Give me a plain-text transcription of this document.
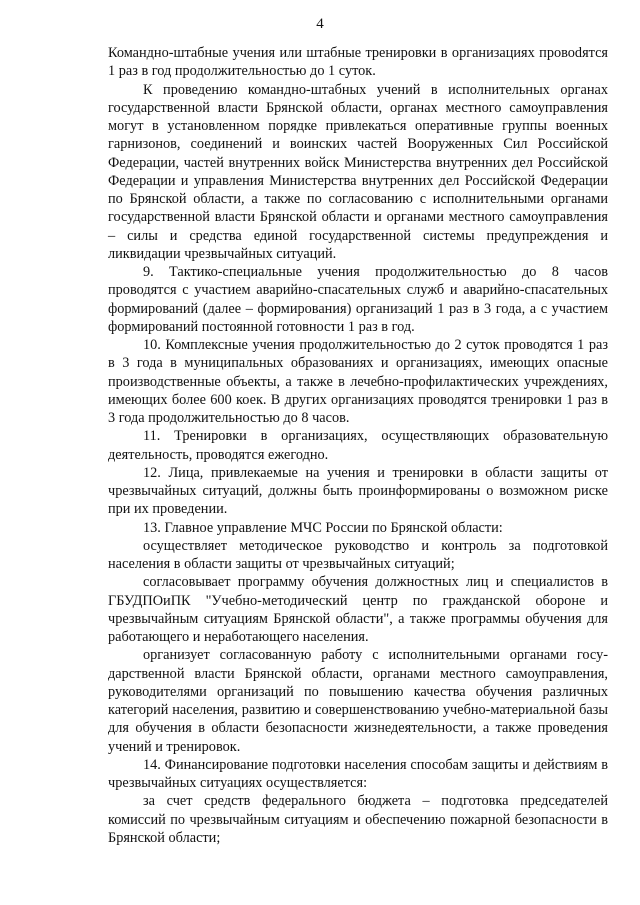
4

Командно-штабные учения или штабные тренировки в организациях провоdятся 1 раз в год продолжительностью до 1 суток.

К проведению командно-штабных учений в исполнительных органах государственной власти Брянской области, органах местного самоуправления могут в установленном порядке привлекаться оперативные группы военных гарнизонов, соединений и воинских частей Вооруженных Сил Российской Федерации, частей внутренних войск Министерства внутренних дел Российской Федерации и управления Министерства внутренних дел Российской Федерации по Брянской области, а также по согласованию с исполнительными органами государственной власти Брянской области и органами местного самоуправления – силы и средства единой государственной системы предупреждения и ликвидации чрезвычайных ситуаций.

9. Тактико-специальные учения продолжительностью до 8 часов проводятся с участием аварийно-спасательных служб и аварийно-спасательных формирований (далее – формирования) организаций 1 раз в 3 года, а с участием формирований постоянной готовности 1 раз в год.

10. Комплексные учения продолжительностью до 2 суток проводятся 1 раз в 3 года в муниципальных образованиях и организациях, имеющих опасные производственные объекты, а также в лечебно-профилактических учреждениях, имеющих более 600 коек. В других организациях проводятся тренировки 1 раз в 3 года продолжительностью до 8 часов.

11. Тренировки в организациях, осуществляющих образовательную деятельность, проводятся ежегодно.

12. Лица, привлекаемые на учения и тренировки в области защиты от чрезвычайных ситуаций, должны быть проинформированы о возможном риске при их проведении.

13. Главное управление МЧС России по Брянской области:

осуществляет методическое руководство и контроль за подготовкой населения в области защиты от чрезвычайных ситуаций;

согласовывает программу обучения должностных лиц и специалистов в ГБУДПОиПК "Учебно-методический центр по гражданской обороне и чрезвычайным ситуациям Брянской области", а также программы обучения для работающего и неработающего населения.

организует согласованную работу с исполнительными органами государственной власти Брянской области, органами местного самоуправления, руководителями организаций по повышению качества обучения различных категорий населения, развитию и совершенствованию учебно-материальной базы для обучения в области безопасности жизнедеятельности, а также проведения учений и тренировок.

14. Финансирование подготовки населения способам защиты и действиям в чрезвычайных ситуациях осуществляется:

за счет средств федерального бюджета – подготовка председателей комиссий по чрезвычайным ситуациям и обеспечению пожарной безопасности в Брянской области;
